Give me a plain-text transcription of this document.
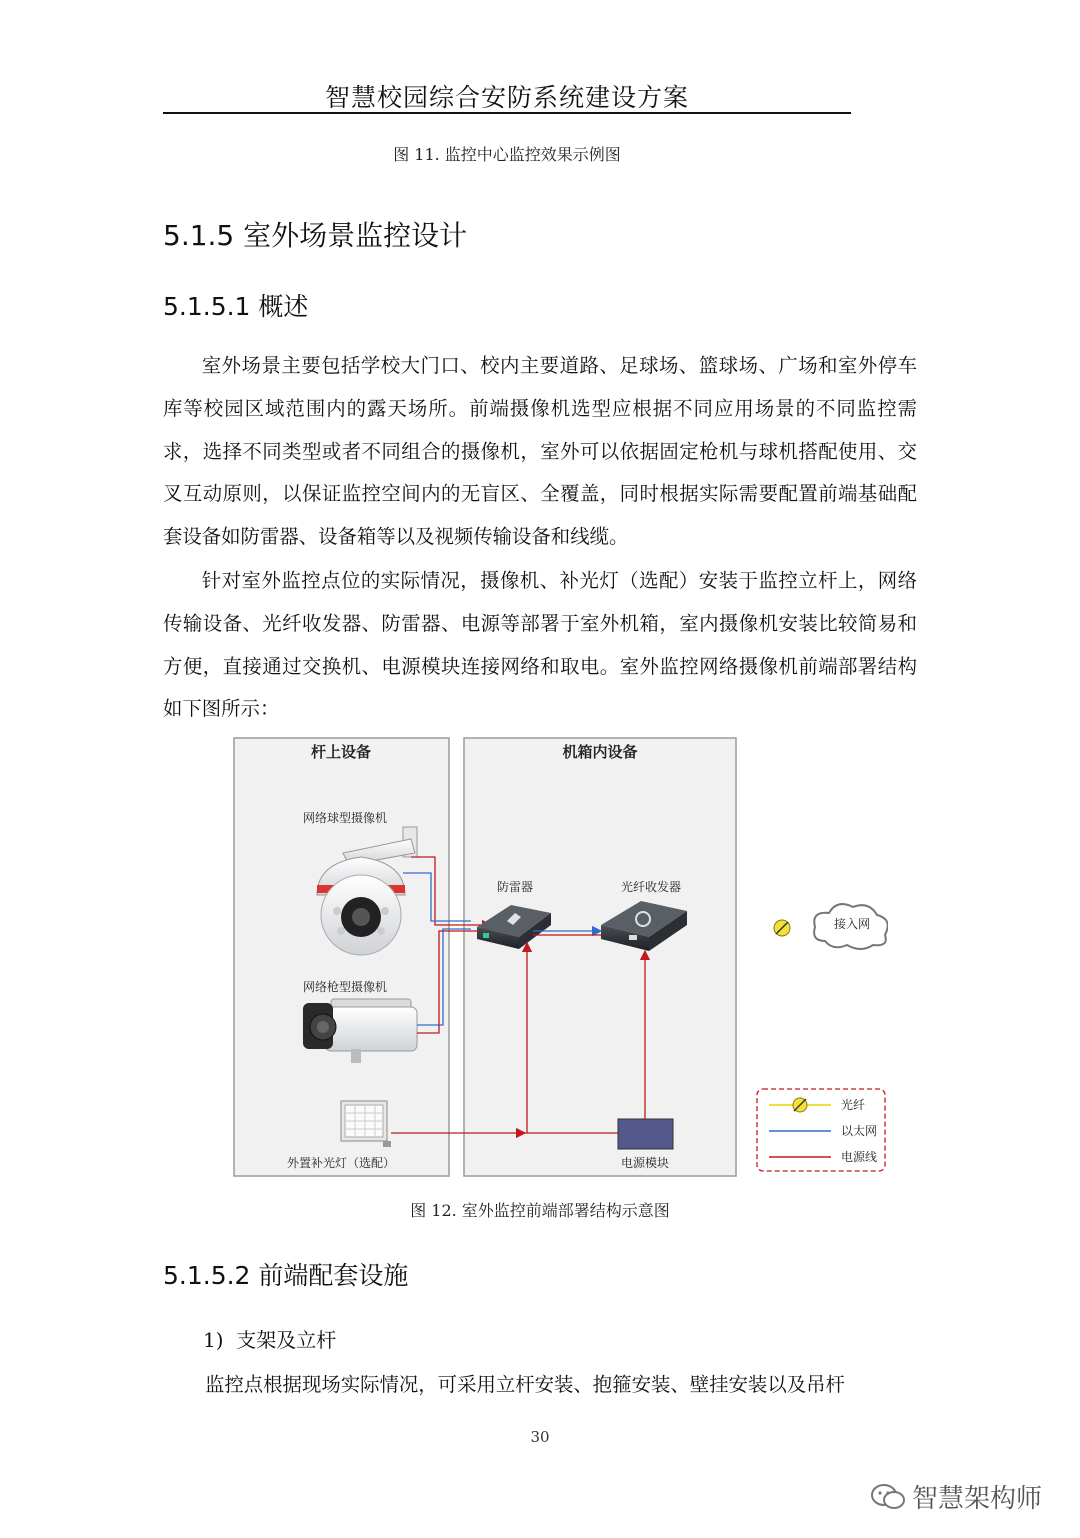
智慧校园综合安防系统建设方案
图 11. 监控中心监控效果示例图
5.1.5 室外场景监控设计
5.1.5.1 概述

室外场景主要包括学校大门口、校内主要道路、足球场、篮球场、广场和室外停车库等校园区域范围内的露天场所。前端摄像机选型应根据不同应用场景的不同监控需求，选择不同类型或者不同组合的摄像机，室外可以依据固定枪机与球机搭配使用、交叉互动原则，以保证监控空间内的无盲区、全覆盖，同时根据实际需要配置前端基础配套设备如防雷器、设备箱等以及视频传输设备和线缆。

针对室外监控点位的实际情况，摄像机、补光灯（选配）安装于监控立杆上，网络传输设备、光纤收发器、防雷器、电源等部署于室外机箱，室内摄像机安装比较简易和方便，直接通过交换机、电源模块连接网络和取电。室外监控网络摄像机前端部署结构如下图所示：

杆上设备	机箱内设备
网络球型摄像机
网络枪型摄像机
外置补光灯（选配）
防雷器	光纤收发器
电源模块
接入网
光纤
以太网
电源线
图 12. 室外监控前端部署结构示意图
5.1.5.2 前端配套设施
1) 支架及立杆
监控点根据现场实际情况，可采用立杆安装、抱箍安装、壁挂安装以及吊杆
30
智慧架构师
